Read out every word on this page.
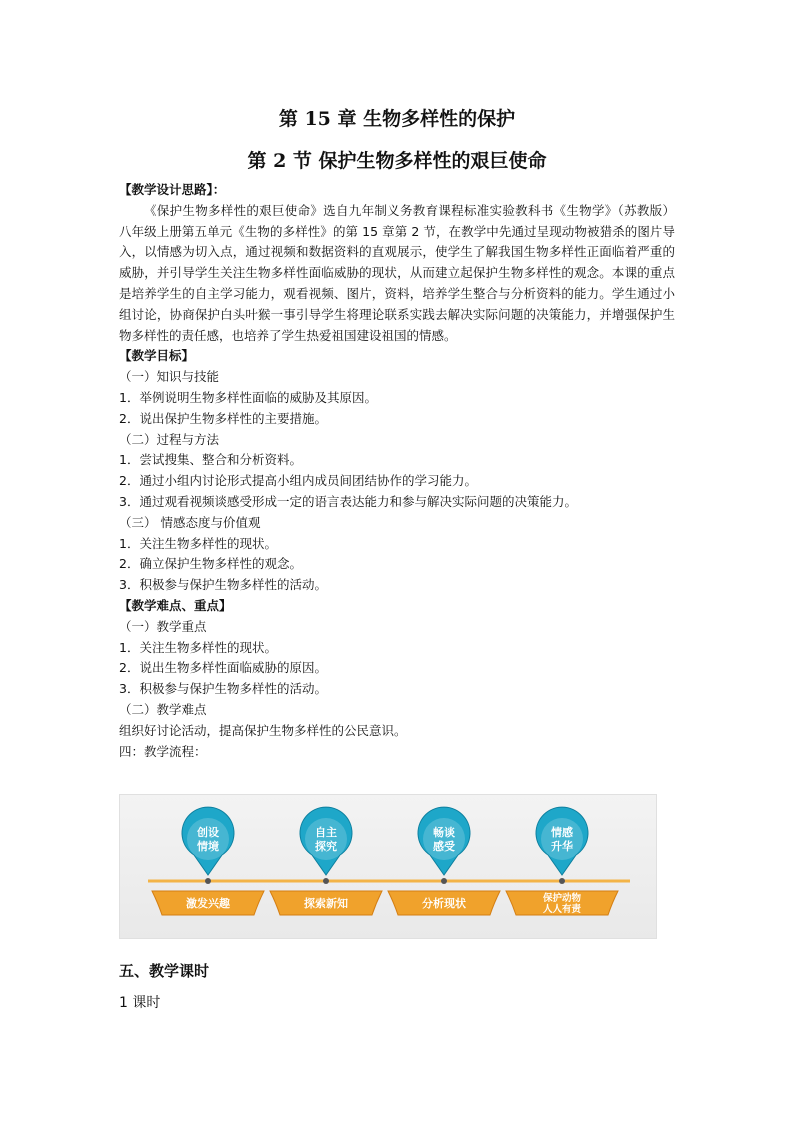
第 15 章 生物多样性的保护
第 2 节 保护生物多样性的艰巨使命

【教学设计思路】：

《保护生物多样性的艰巨使命》选自九年制义务教育课程标准实验教科书《生物学》（苏教版）八年级上册第五单元《生物的多样性》的第 15 章第 2 节，在教学中先通过呈现动物被猎杀的图片导入，以情感为切入点，通过视频和数据资料的直观展示，使学生了解我国生物多样性正面临着严重的威胁，并引导学生关注生物多样性面临威胁的现状，从而建立起保护生物多样性的观念。本课的重点是培养学生的自主学习能力，观看视频、图片，资料，培养学生整合与分析资料的能力。学生通过小组讨论，协商保护白头叶猴一事引导学生将理论联系实践去解决实际问题的决策能力，并增强保护生物多样性的责任感，也培养了学生热爱祖国建设祖国的情感。

【教学目标】

（一）知识与技能

1．举例说明生物多样性面临的威胁及其原因。

2．说出保护生物多样性的主要措施。

（二）过程与方法

1．尝试搜集、整合和分析资料。

2．通过小组内讨论形式提高小组内成员间团结协作的学习能力。

3．通过观看视频谈感受形成一定的语言表达能力和参与解决实际问题的决策能力。

（三） 情感态度与价值观

1．关注生物多样性的现状。

2．确立保护生物多样性的观念。

3．积极参与保护生物多样性的活动。

【教学难点、重点】

（一）教学重点

1．关注生物多样性的现状。

2．说出生物多样性面临威胁的原因。

3．积极参与保护生物多样性的活动。

（二）教学难点

组织好讨论活动，提高保护生物多样性的公民意识。

四：教学流程：

创设
情境
激发兴趣
自主
探究
探索新知
畅谈
感受
分析现状
情感
升华
保护动物
人人有责
五、教学课时
1 课时
